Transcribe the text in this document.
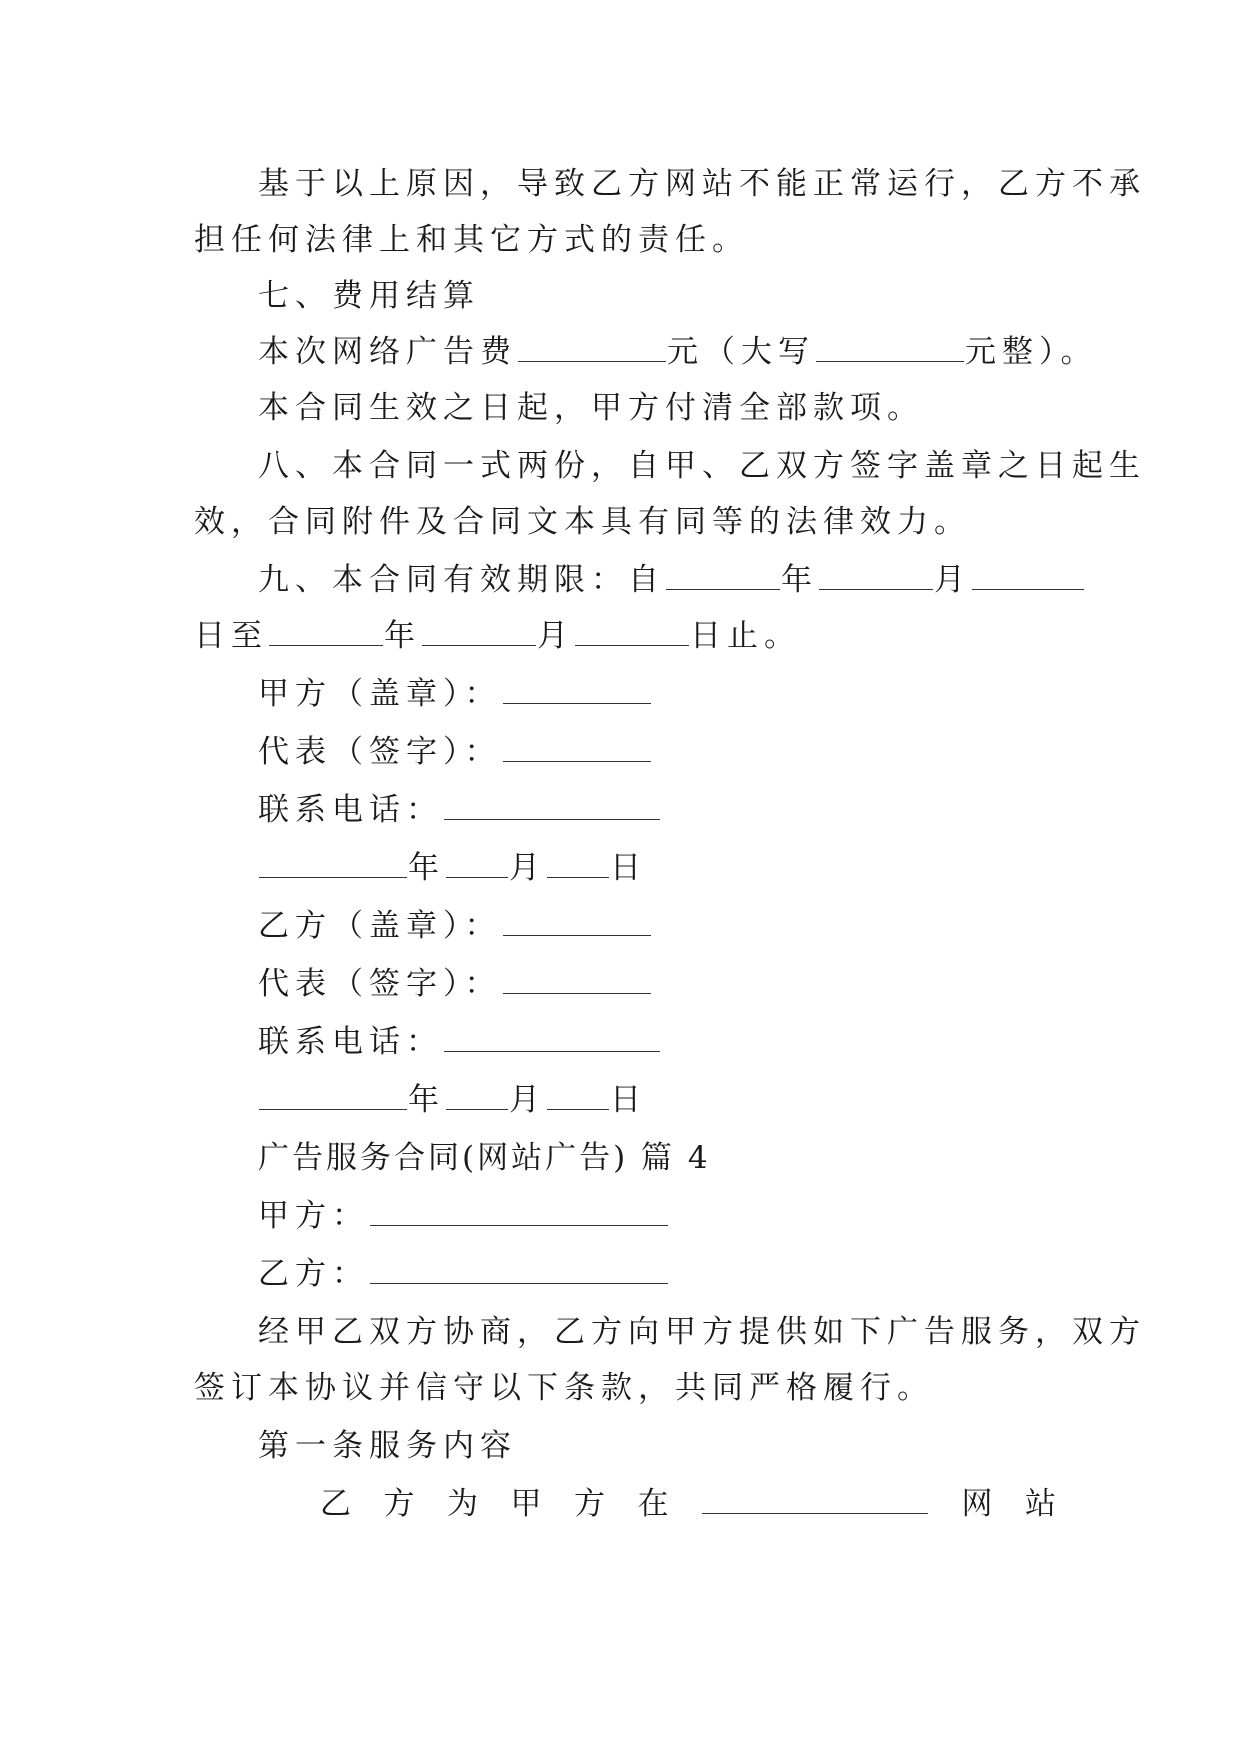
基于以上原因，导致乙方网站不能正常运行，乙方不承
担任何法律上和其它方式的责任。
七、费用结算
本次网络广告费	元（大写	元整）。
本合同生效之日起，甲方付清全部款项。
八、本合同一式两份，自甲、乙双方签字盖章之日起生
效，合同附件及合同文本具有同等的法律效力。
九、本合同有效期限：自	年	月
日至	年	月	日止。
甲方（盖章）：
代表（签字）：
联系电话：
年 月 日
乙方（盖章）：
代表（签字）：
联系电话：
年 月 日
广告服务合同(网站广告) 篇 4
甲方：
乙方：
经甲乙双方协商，乙方向甲方提供如下广告服务，双方
签订本协议并信守以下条款，共同严格履行。
第一条服务内容
乙 方 为 甲 方 在	网 站
